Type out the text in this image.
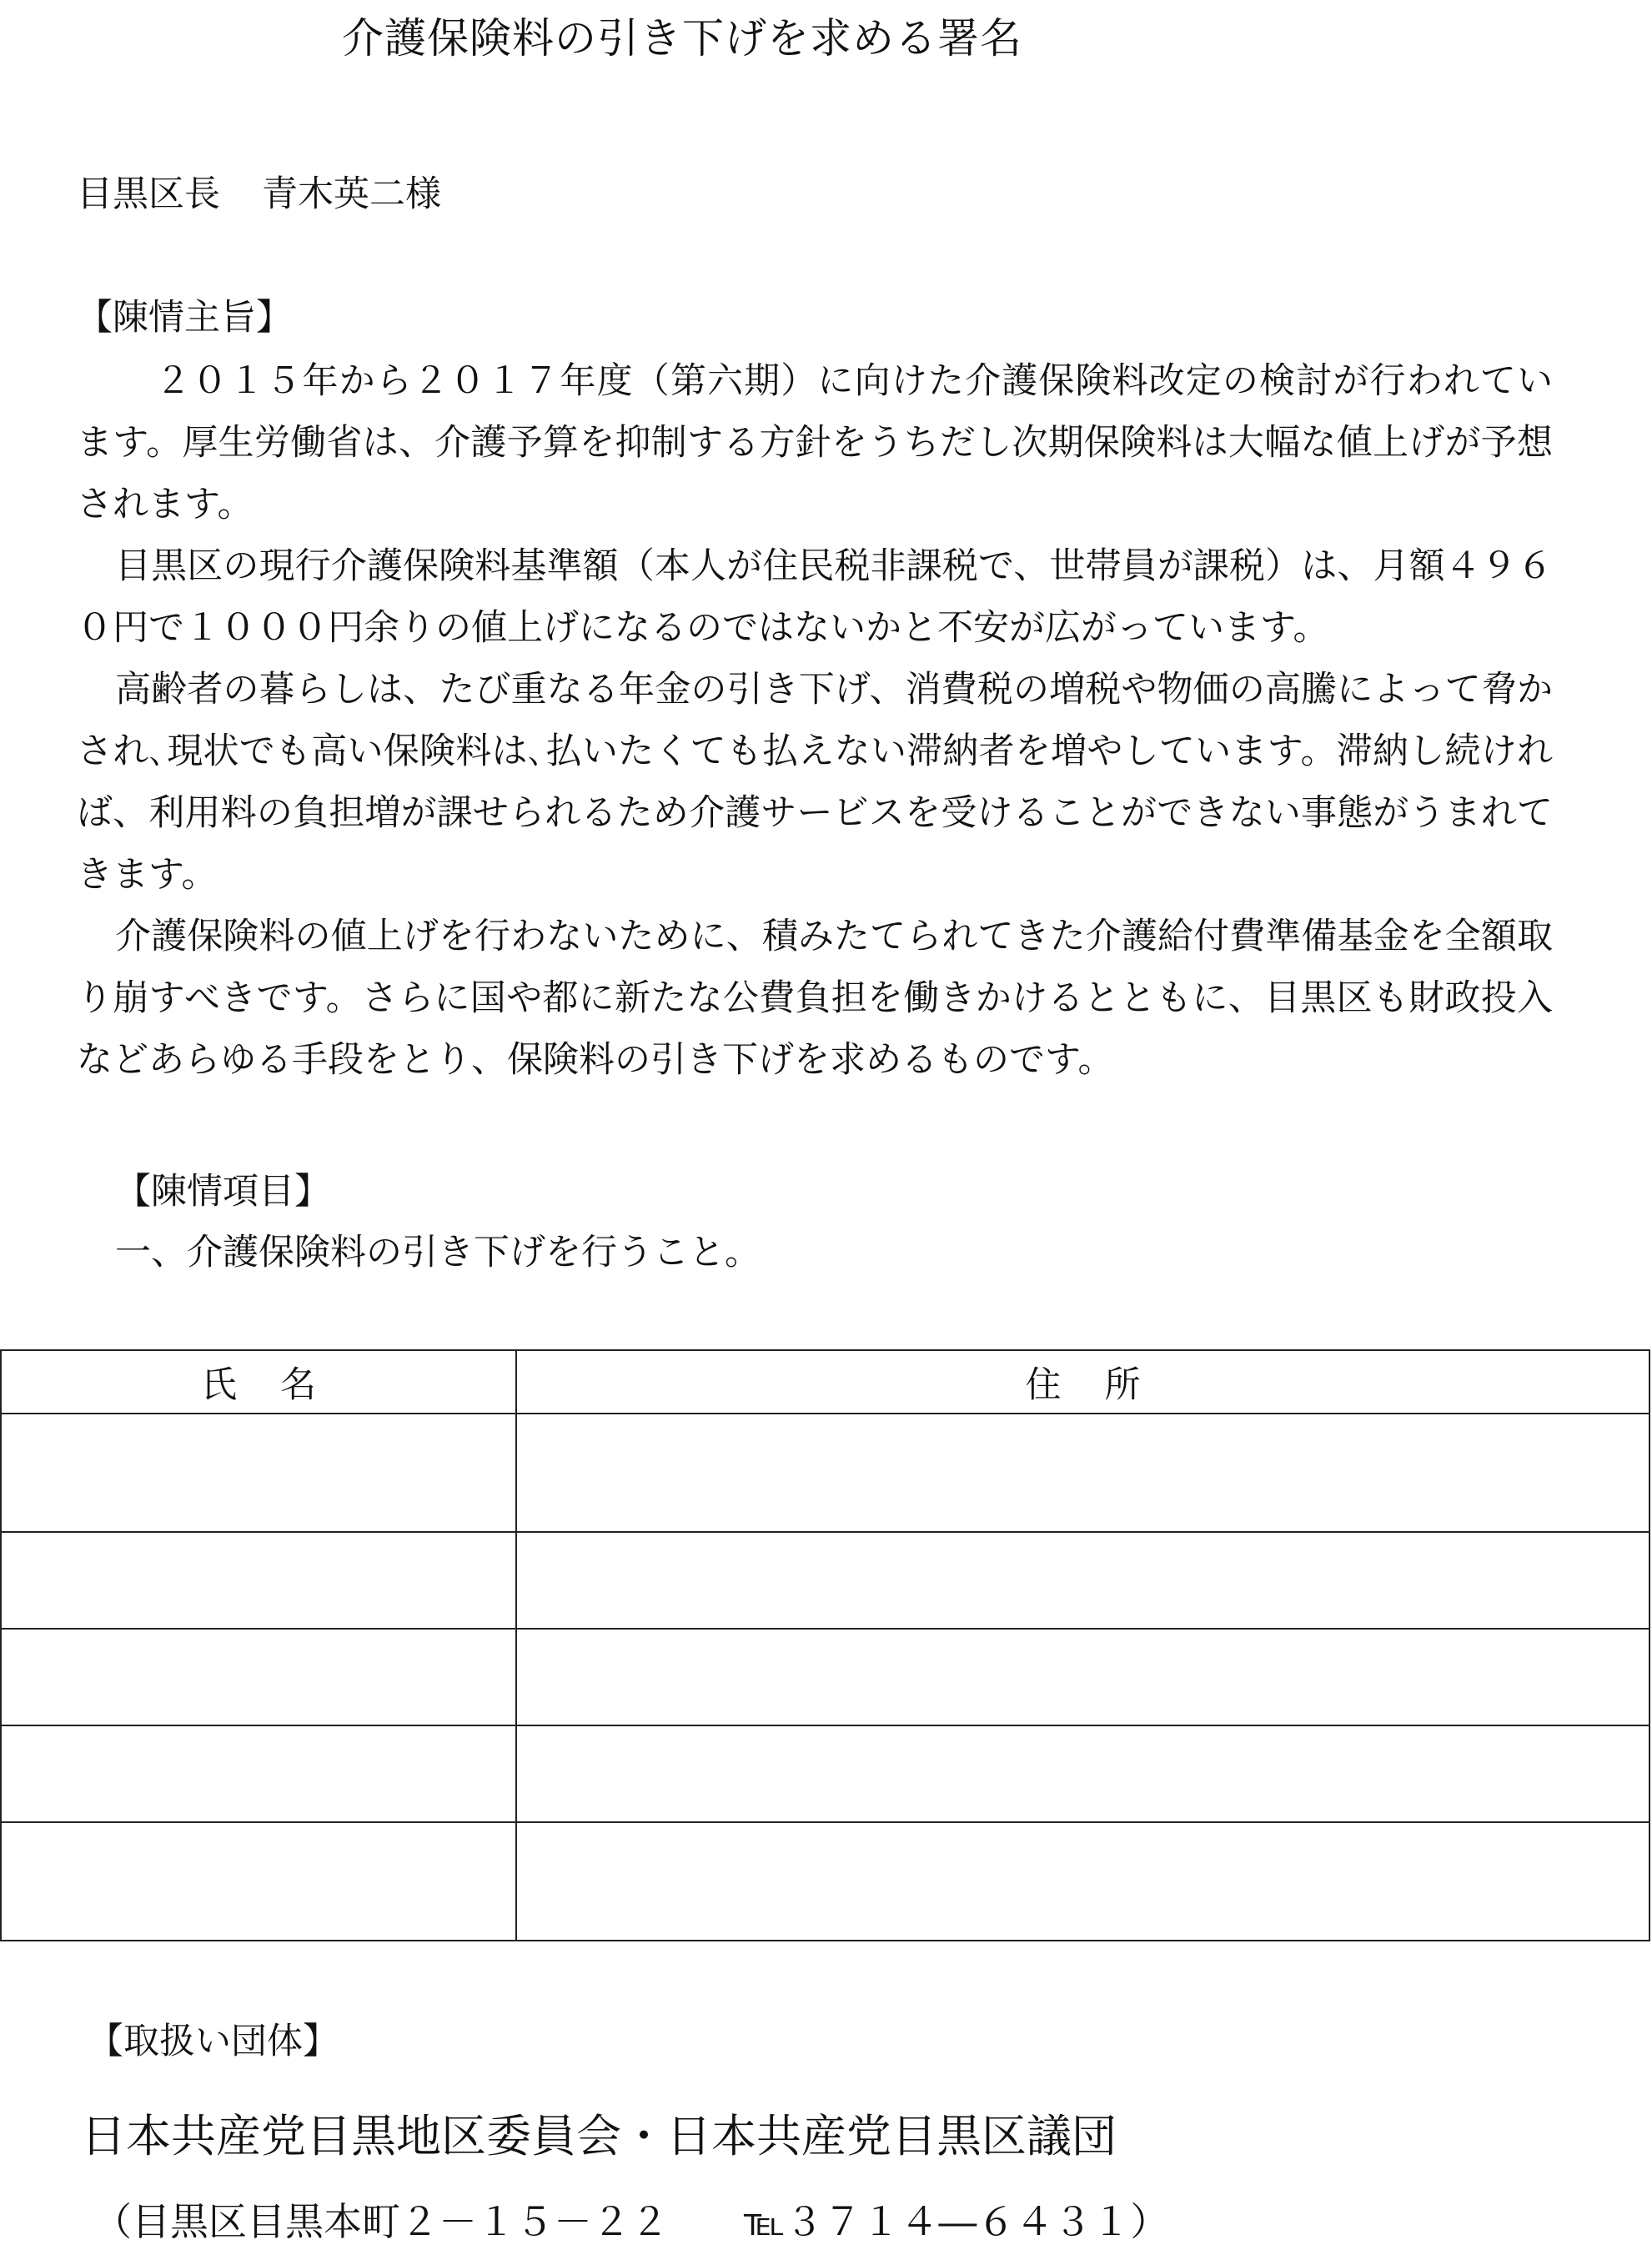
介護保険料の引き下げを求める署名
目黒区長 青木英二様
【陳情主旨】

２０１５年から２０１７年度（第六期）に向けた介護保険料改定の検討が行われています。厚生労働省は、介護予算を抑制する方針をうちだし次期保険料は大幅な値上げが予想されます。

目黒区の現行介護保険料基準額（本人が住民税非課税で、世帯員が課税）は、月額４９６０円で１０００円余りの値上げになるのではないかと不安が広がっています。

高齢者の暮らしは、たび重なる年金の引き下げ、消費税の増税や物価の高騰によって脅かされ､現状でも高い保険料は､払いたくても払えない滞納者を増やしています。滞納し続ければ、利用料の負担増が課せられるため介護サービスを受けることができない事態がうまれてきます。

介護保険料の値上げを行わないために、積みたてられてきた介護給付費準備基金を全額取り崩すべきです。さらに国や都に新たな公費負担を働きかけるとともに、目黒区も財政投入などあらゆる手段をとり、保険料の引き下げを求めるものです。

【陳情項目】
一、介護保険料の引き下げを行うこと。
氏 名	住 所

【取扱い団体】
日本共産党目黒地区委員会・日本共産党目黒区議団
（目黒区目黒本町２－１５－２２ ℡３７１４―６４３１）
